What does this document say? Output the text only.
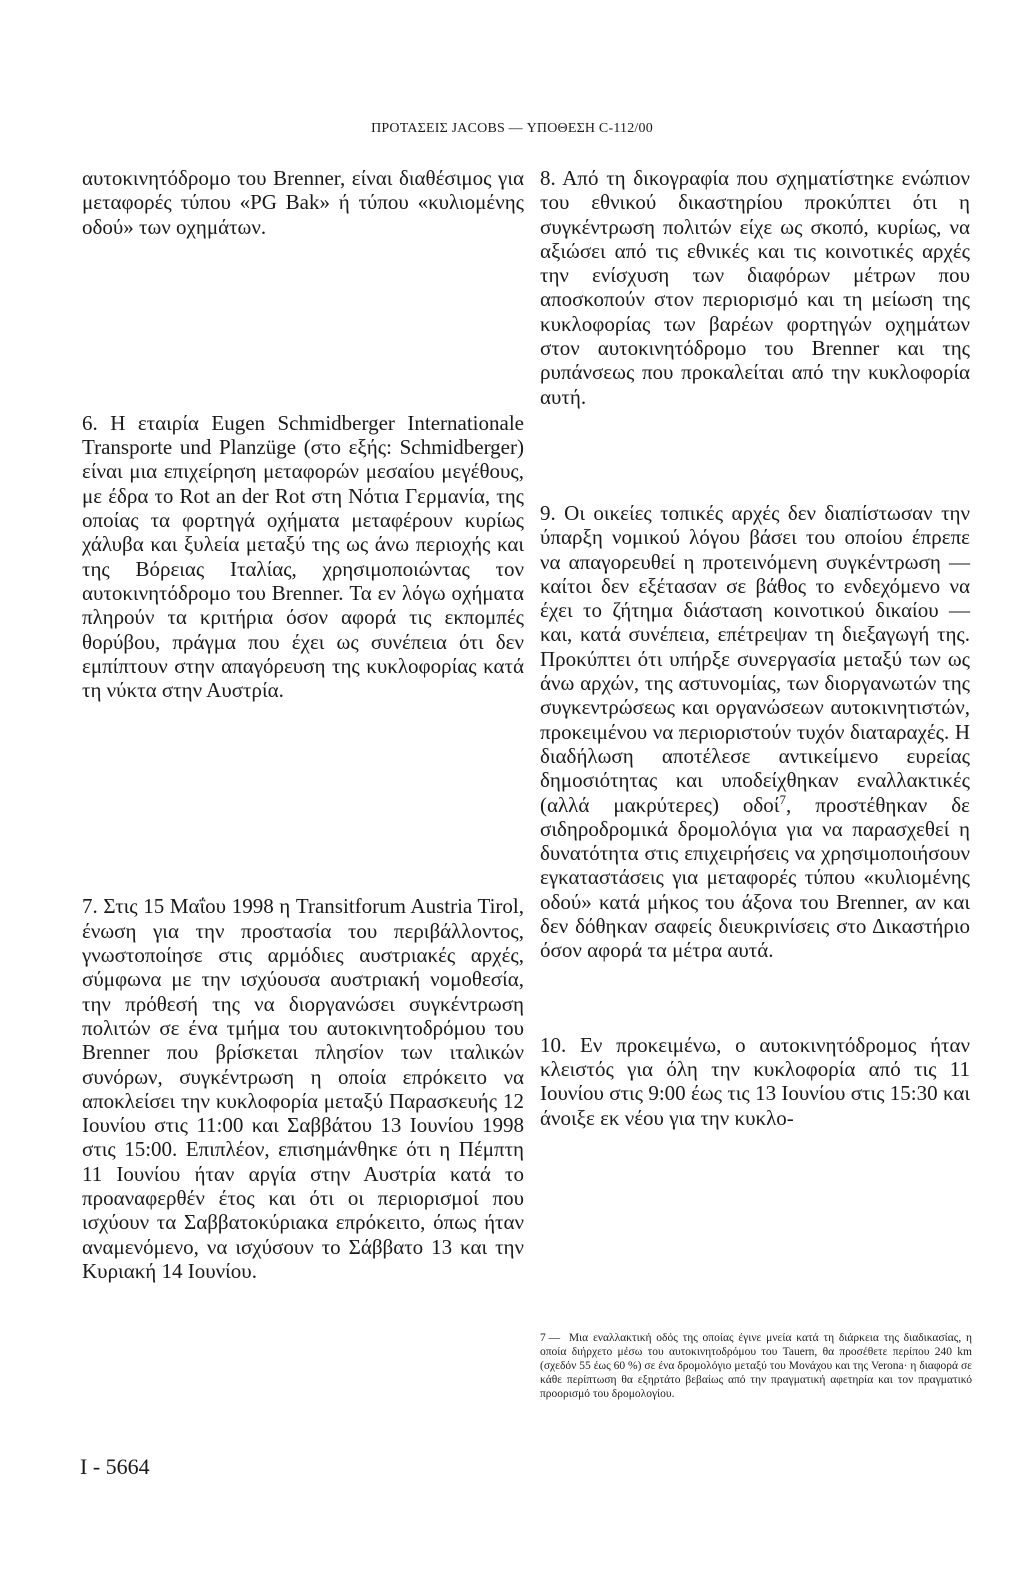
ΠΡΟΤΑΣΕΙΣ JACOBS — ΥΠΟΘΕΣΗ C-112/00

αυτοκινητόδρομο του Brenner, είναι διαθέσιμος για μεταφορές τύπου «PG Bak» ή τύπου «κυλιομένης οδού» των οχημάτων.

6. Η εταιρία Eugen Schmidberger Internationale Transporte und Planzüge (στο εξής: Schmidberger) είναι μια επιχείρηση μεταφορών μεσαίου μεγέθους, με έδρα το Rot an der Rot στη Νότια Γερμανία, της οποίας τα φορτηγά οχήματα μεταφέρουν κυρίως χάλυβα και ξυλεία μεταξύ της ως άνω περιοχής και της Βόρειας Ιταλίας, χρησιμοποιώντας τον αυτοκινητόδρομο του Brenner. Τα εν λόγω οχήματα πληρούν τα κριτήρια όσον αφορά τις εκπομπές θορύβου, πράγμα που έχει ως συνέπεια ότι δεν εμπίπτουν στην απαγόρευση της κυκλοφορίας κατά τη νύκτα στην Αυστρία.

7. Στις 15 Μαΐου 1998 η Transitforum Austria Tirol, ένωση για την προστασία του περιβάλλοντος, γνωστοποίησε στις αρμόδιες αυστριακές αρχές, σύμφωνα με την ισχύουσα αυστριακή νομοθεσία, την πρόθεσή της να διοργανώσει συγκέντρωση πολιτών σε ένα τμήμα του αυτοκινητοδρόμου του Brenner που βρίσκεται πλησίον των ιταλικών συνόρων, συγκέντρωση η οποία επρόκειτο να αποκλείσει την κυκλοφορία μεταξύ Παρασκευής 12 Ιουνίου στις 11:00 και Σαββάτου 13 Ιουνίου 1998 στις 15:00. Επιπλέον, επισημάνθηκε ότι η Πέμπτη 11 Ιουνίου ήταν αργία στην Αυστρία κατά το προαναφερθέν έτος και ότι οι περιορισμοί που ισχύουν τα Σαββατοκύριακα επρόκειτο, όπως ήταν αναμενόμενο, να ισχύσουν το Σάββατο 13 και την Κυριακή 14 Ιουνίου.

8. Από τη δικογραφία που σχηματίστηκε ενώπιον του εθνικού δικαστηρίου προκύπτει ότι η συγκέντρωση πολιτών είχε ως σκοπό, κυρίως, να αξιώσει από τις εθνικές και τις κοινοτικές αρχές την ενίσχυση των διαφόρων μέτρων που αποσκοπούν στον περιορισμό και τη μείωση της κυκλοφορίας των βαρέων φορτηγών οχημάτων στον αυτοκινητόδρομο του Brenner και της ρυπάνσεως που προκαλείται από την κυκλοφορία αυτή.

9. Οι οικείες τοπικές αρχές δεν διαπίστωσαν την ύπαρξη νομικού λόγου βάσει του οποίου έπρεπε να απαγορευθεί η προτεινόμενη συγκέντρωση — καίτοι δεν εξέτασαν σε βάθος το ενδεχόμενο να έχει το ζήτημα διάσταση κοινοτικού δικαίου — και, κατά συνέπεια, επέτρεψαν τη διεξαγωγή της. Προκύπτει ότι υπήρξε συνεργασία μεταξύ των ως άνω αρχών, της αστυνομίας, των διοργανωτών της συγκεντρώσεως και οργανώσεων αυτοκινητιστών, προκειμένου να περιοριστούν τυχόν διαταραχές. Η διαδήλωση αποτέλεσε αντικείμενο ευρείας δημοσιότητας και υποδείχθηκαν εναλλακτικές (αλλά μακρύτερες) οδοί$^7$, προστέθηκαν δε σιδηροδρομικά δρομολόγια για να παρασχεθεί η δυνατότητα στις επιχειρήσεις να χρησιμοποιήσουν εγκαταστάσεις για μεταφορές τύπου «κυλιομένης οδού» κατά μήκος του άξονα του Brenner, αν και δεν δόθηκαν σαφείς διευκρινίσεις στο Δικαστήριο όσον αφορά τα μέτρα αυτά.

10. Εν προκειμένω, ο αυτοκινητόδρομος ήταν κλειστός για όλη την κυκλοφορία από τις 11 Ιουνίου στις 9:00 έως τις 13 Ιουνίου στις 15:30 και άνοιξε εκ νέου για την κυκλο-

7 — Μια εναλλακτική οδός της οποίας έγινε μνεία κατά τη διάρκεια της διαδικασίας, η οποία διήρχετο μέσω του αυτοκινητοδρόμου του Tauern, θα προσέθετε περίπου 240 km (σχεδόν 55 έως 60 %) σε ένα δρομολόγιο μεταξύ του Μονάχου και της Verona· η διαφορά σε κάθε περίπτωση θα εξηρτάτο βεβαίως από την πραγματική αφετηρία και τον πραγματικό προορισμό του δρομολογίου.
I - 5664
